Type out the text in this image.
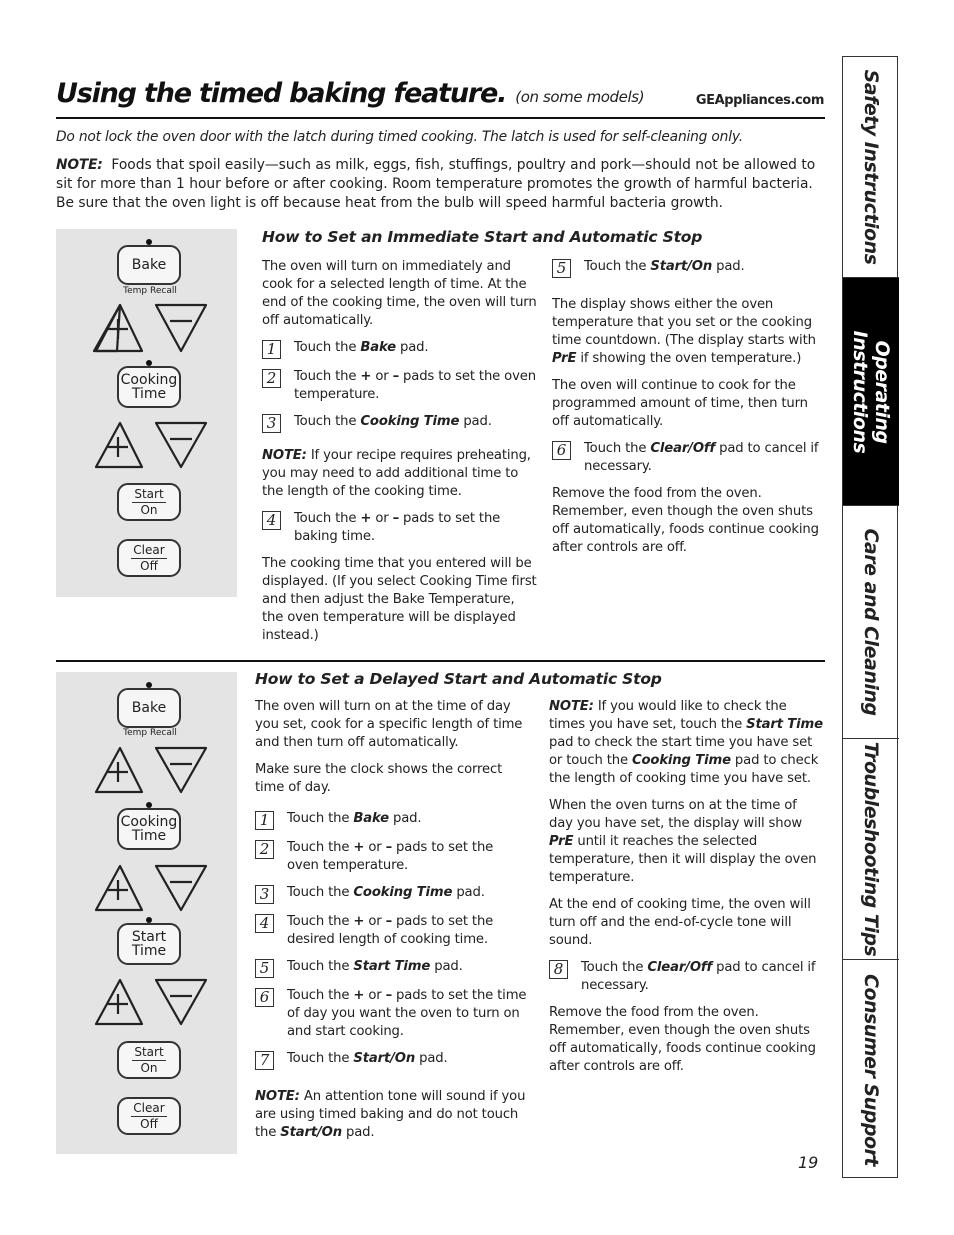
Using the timed baking feature. (on some models)	GEAppliances.com
Do not lock the oven door with the latch during timed cooking. The latch is used for self-cleaning only.
NOTE: Foods that spoil easily—such as milk, eggs, fish, stuffings, poultry and pork—should not be allowed to sit for more than 1 hour before or after cooking. Room temperature promotes the growth of harmful bacteria. Be sure that the oven light is off because heat from the bulb will speed harmful bacteria growth.
Bake
Temp Recall
Cooking
Time
Start
On
Clear
Off
How to Set an Immediate Start and Automatic Stop

The oven will turn on immediately and cook for a selected length of time. At the end of the cooking time, the oven will turn off automatically.

1	Touch the Bake pad.
2	Touch the + or – pads to set the oven temperature.
3	Touch the Cooking Time pad.

NOTE: If your recipe requires preheating, you may need to add additional time to the length of the cooking time.

4	Touch the + or – pads to set the baking time.

The cooking time that you entered will be displayed. (If you select Cooking Time first and then adjust the Bake Temperature, the oven temperature will be displayed instead.)

5	Touch the Start/On pad.

The display shows either the oven temperature that you set or the cooking time countdown. (The display starts with PrE if showing the oven temperature.)

The oven will continue to cook for the programmed amount of time, then turn off automatically.

6	Touch the Clear/Off pad to cancel if necessary.

Remove the food from the oven. Remember, even though the oven shuts off automatically, foods continue cooking after controls are off.

Bake
Temp Recall
Cooking
Time
Start
Time
Start
On
Clear
Off
How to Set a Delayed Start and Automatic Stop

The oven will turn on at the time of day you set, cook for a specific length of time and then turn off automatically.

Make sure the clock shows the correct time of day.

1	Touch the Bake pad.
2	Touch the + or – pads to set the oven temperature.
3	Touch the Cooking Time pad.
4	Touch the + or – pads to set the desired length of cooking time.
5	Touch the Start Time pad.
6	Touch the + or – pads to set the time of day you want the oven to turn on and start cooking.
7	Touch the Start/On pad.

NOTE: An attention tone will sound if you are using timed baking and do not touch the Start/On pad.

NOTE: If you would like to check the times you have set, touch the Start Time pad to check the start time you have set or touch the Cooking Time pad to check the length of cooking time you have set.

When the oven turns on at the time of day you have set, the display will show PrE until it reaches the selected temperature, then it will display the oven temperature.

At the end of cooking time, the oven will turn off and the end-of-cycle tone will sound.

8	Touch the Clear/Off pad to cancel if necessary.

Remove the food from the oven. Remember, even though the oven shuts off automatically, foods continue cooking after controls are off.

Safety Instructions
Operating
Instructions
Care and Cleaning
Troubleshooting Tips
Consumer Support
19
